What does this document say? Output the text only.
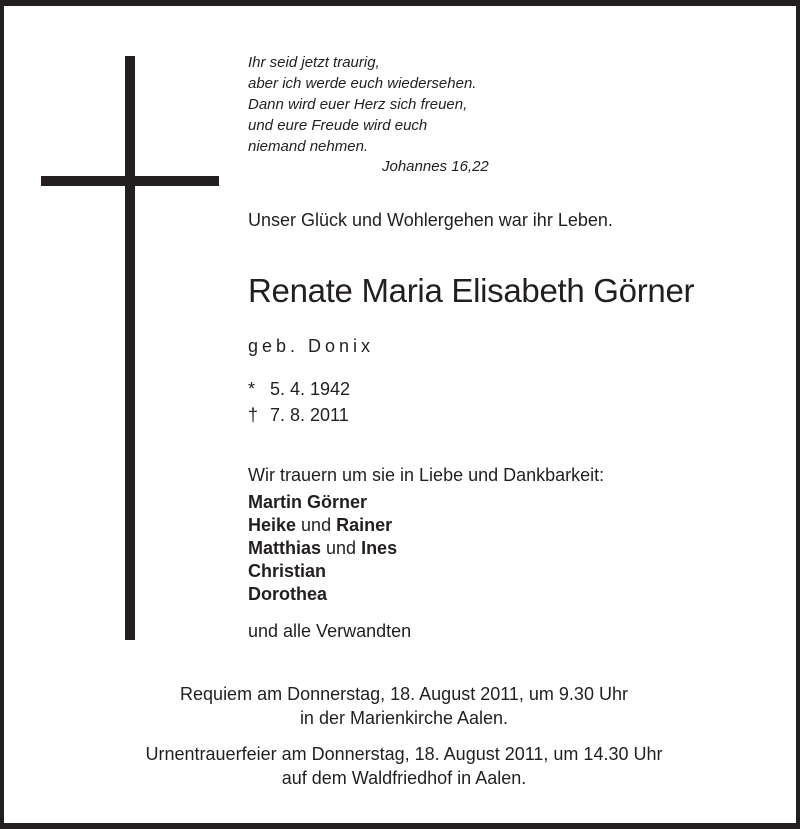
Ihr seid jetzt traurig,
aber ich werde euch wiedersehen.
Dann wird euer Herz sich freuen,
und eure Freude wird euch
niemand nehmen.
Johannes 16,22
Unser Glück und Wohlergehen war ihr Leben.
Renate Maria Elisabeth Görner
geb. Donix
* 5. 4. 1942
† 7. 8. 2011
Wir trauern um sie in Liebe und Dankbarkeit:
Martin Görner
Heike und Rainer
Matthias und Ines
Christian
Dorothea
und alle Verwandten
Requiem am Donnerstag, 18. August 2011, um 9.30 Uhr
in der Marienkirche Aalen.
Urnentrauerfeier am Donnerstag, 18. August 2011, um 14.30 Uhr
auf dem Waldfriedhof in Aalen.
